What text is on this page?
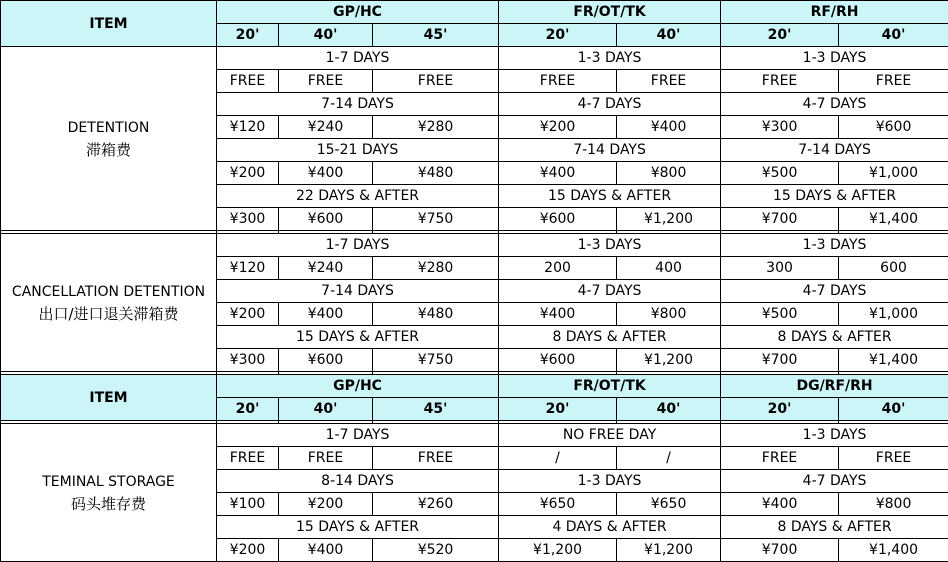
ITEM	GP/HC			FR/OT/TK		RF/RH	
	20'	40'	45'	20'	40'	20'	40'
DETENTION
滞箱费	1-7 DAYS			1-3 DAYS		1-3 DAYS	
	FREE	FREE	FREE	FREE	FREE	FREE	FREE
	7-14 DAYS			4-7 DAYS		4-7 DAYS	
	¥120	¥240	¥280	¥200	¥400	¥300	¥600
	15-21 DAYS			7-14 DAYS		7-14 DAYS	
	¥200	¥400	¥480	¥400	¥800	¥500	¥1,000
	22 DAYS & AFTER			15 DAYS & AFTER		15 DAYS & AFTER	
	¥300	¥600	¥750	¥600	¥1,200	¥700	¥1,400

CANCELLATION DETENTION
出口/进口退关滞箱费	1-7 DAYS			1-3 DAYS		1-3 DAYS	
	¥120	¥240	¥280	200	400	300	600
	7-14 DAYS			4-7 DAYS		4-7 DAYS	
	¥200	¥400	¥480	¥400	¥800	¥500	¥1,000
	15 DAYS & AFTER			8 DAYS & AFTER		8 DAYS & AFTER	
	¥300	¥600	¥750	¥600	¥1,200	¥700	¥1,400

ITEM	GP/HC			FR/OT/TK		DG/RF/RH	
	20'	40'	45'	20'	40'	20'	40'

TEMINAL STORAGE
码头堆存费	1-7 DAYS			NO FREE DAY		1-3 DAYS	
	FREE	FREE	FREE	/	/	FREE	FREE
	8-14 DAYS			1-3 DAYS		4-7 DAYS	
	¥100	¥200	¥260	¥650	¥650	¥400	¥800
	15 DAYS & AFTER			4 DAYS & AFTER		8 DAYS & AFTER	
	¥200	¥400	¥520	¥1,200	¥1,200	¥700	¥1,400
